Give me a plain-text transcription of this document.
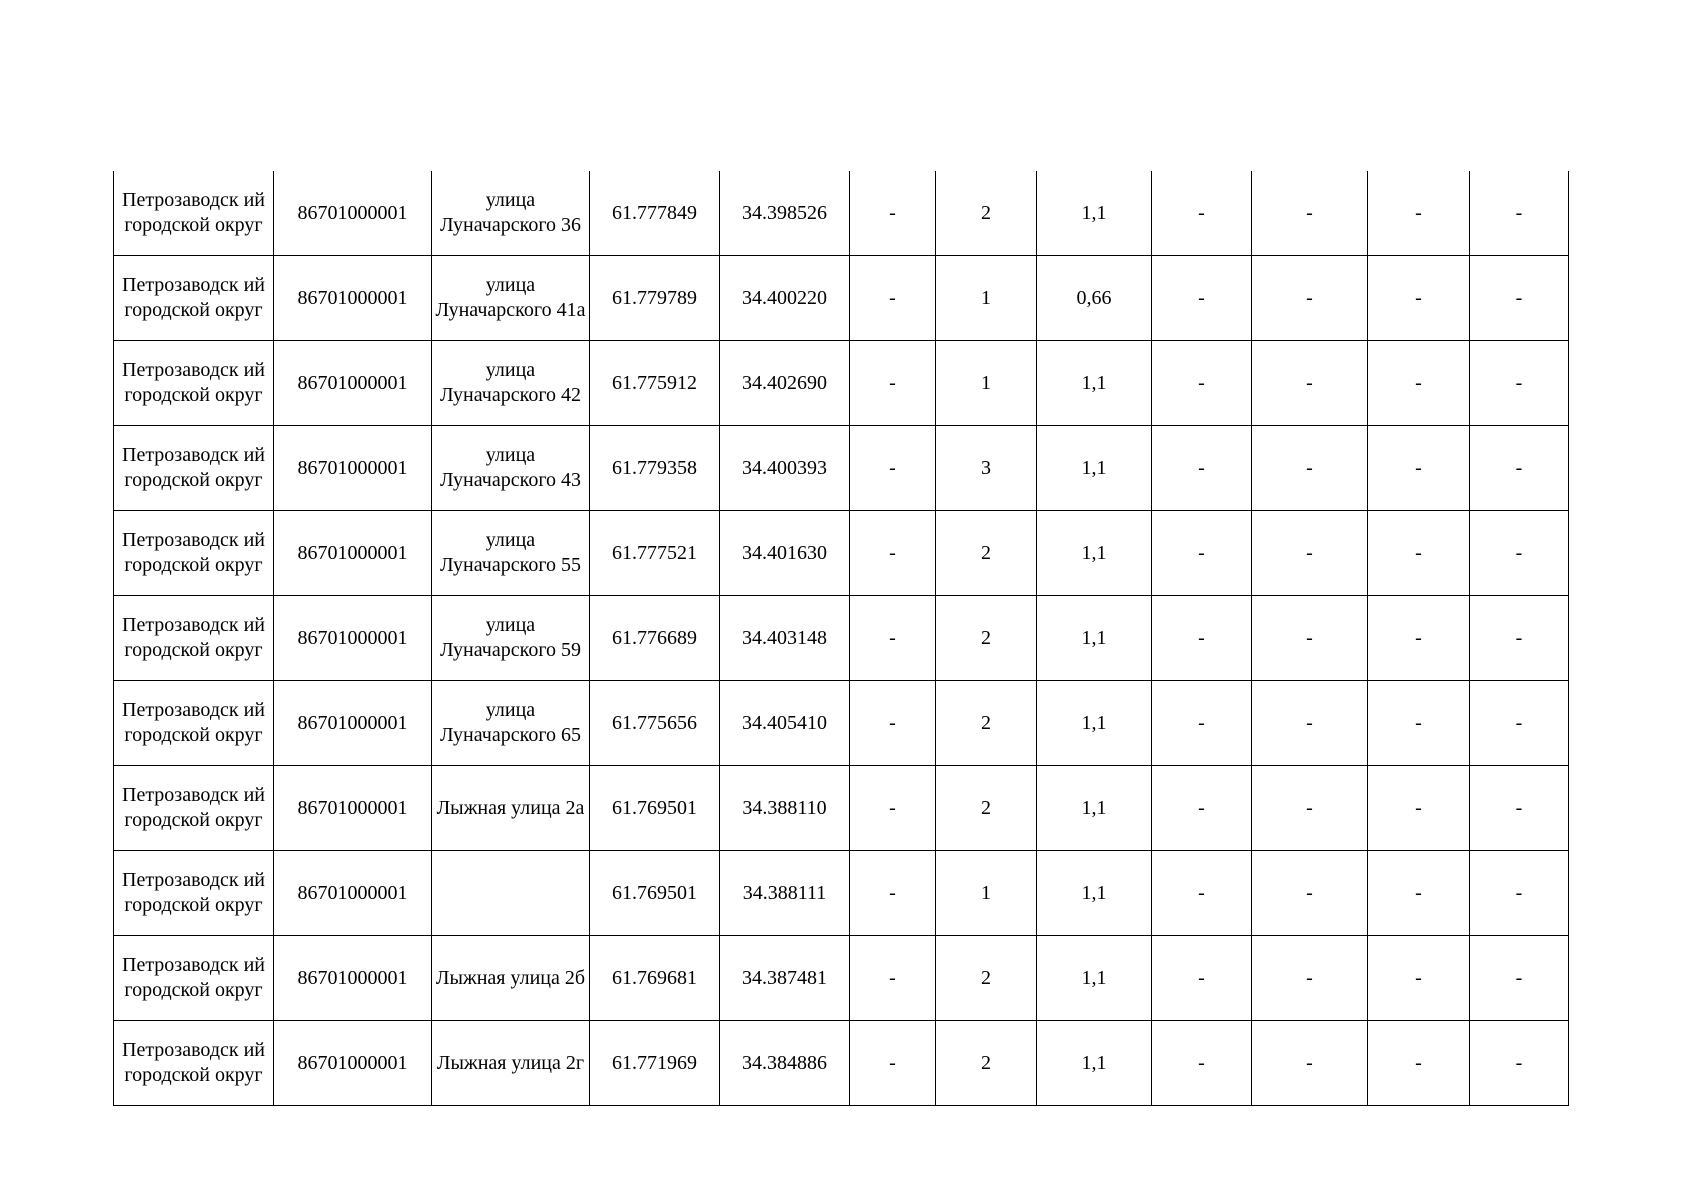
Петрозаводск ий городской округ	86701000001	улица Луначарского 36	61.777849	34.398526	-	2	1,1	-	-	-	-
Петрозаводск ий городской округ	86701000001	улица Луначарского 41а	61.779789	34.400220	-	1	0,66	-	-	-	-
Петрозаводск ий городской округ	86701000001	улица Луначарского 42	61.775912	34.402690	-	1	1,1	-	-	-	-
Петрозаводск ий городской округ	86701000001	улица Луначарского 43	61.779358	34.400393	-	3	1,1	-	-	-	-
Петрозаводск ий городской округ	86701000001	улица Луначарского 55	61.777521	34.401630	-	2	1,1	-	-	-	-
Петрозаводск ий городской округ	86701000001	улица Луначарского 59	61.776689	34.403148	-	2	1,1	-	-	-	-
Петрозаводск ий городской округ	86701000001	улица Луначарского 65	61.775656	34.405410	-	2	1,1	-	-	-	-
Петрозаводск ий городской округ	86701000001	Лыжная улица 2а	61.769501	34.388110	-	2	1,1	-	-	-	-
Петрозаводск ий городской округ	86701000001		61.769501	34.388111	-	1	1,1	-	-	-	-
Петрозаводск ий городской округ	86701000001	Лыжная улица 2б	61.769681	34.387481	-	2	1,1	-	-	-	-
Петрозаводск ий городской округ	86701000001	Лыжная улица 2г	61.771969	34.384886	-	2	1,1	-	-	-	-
